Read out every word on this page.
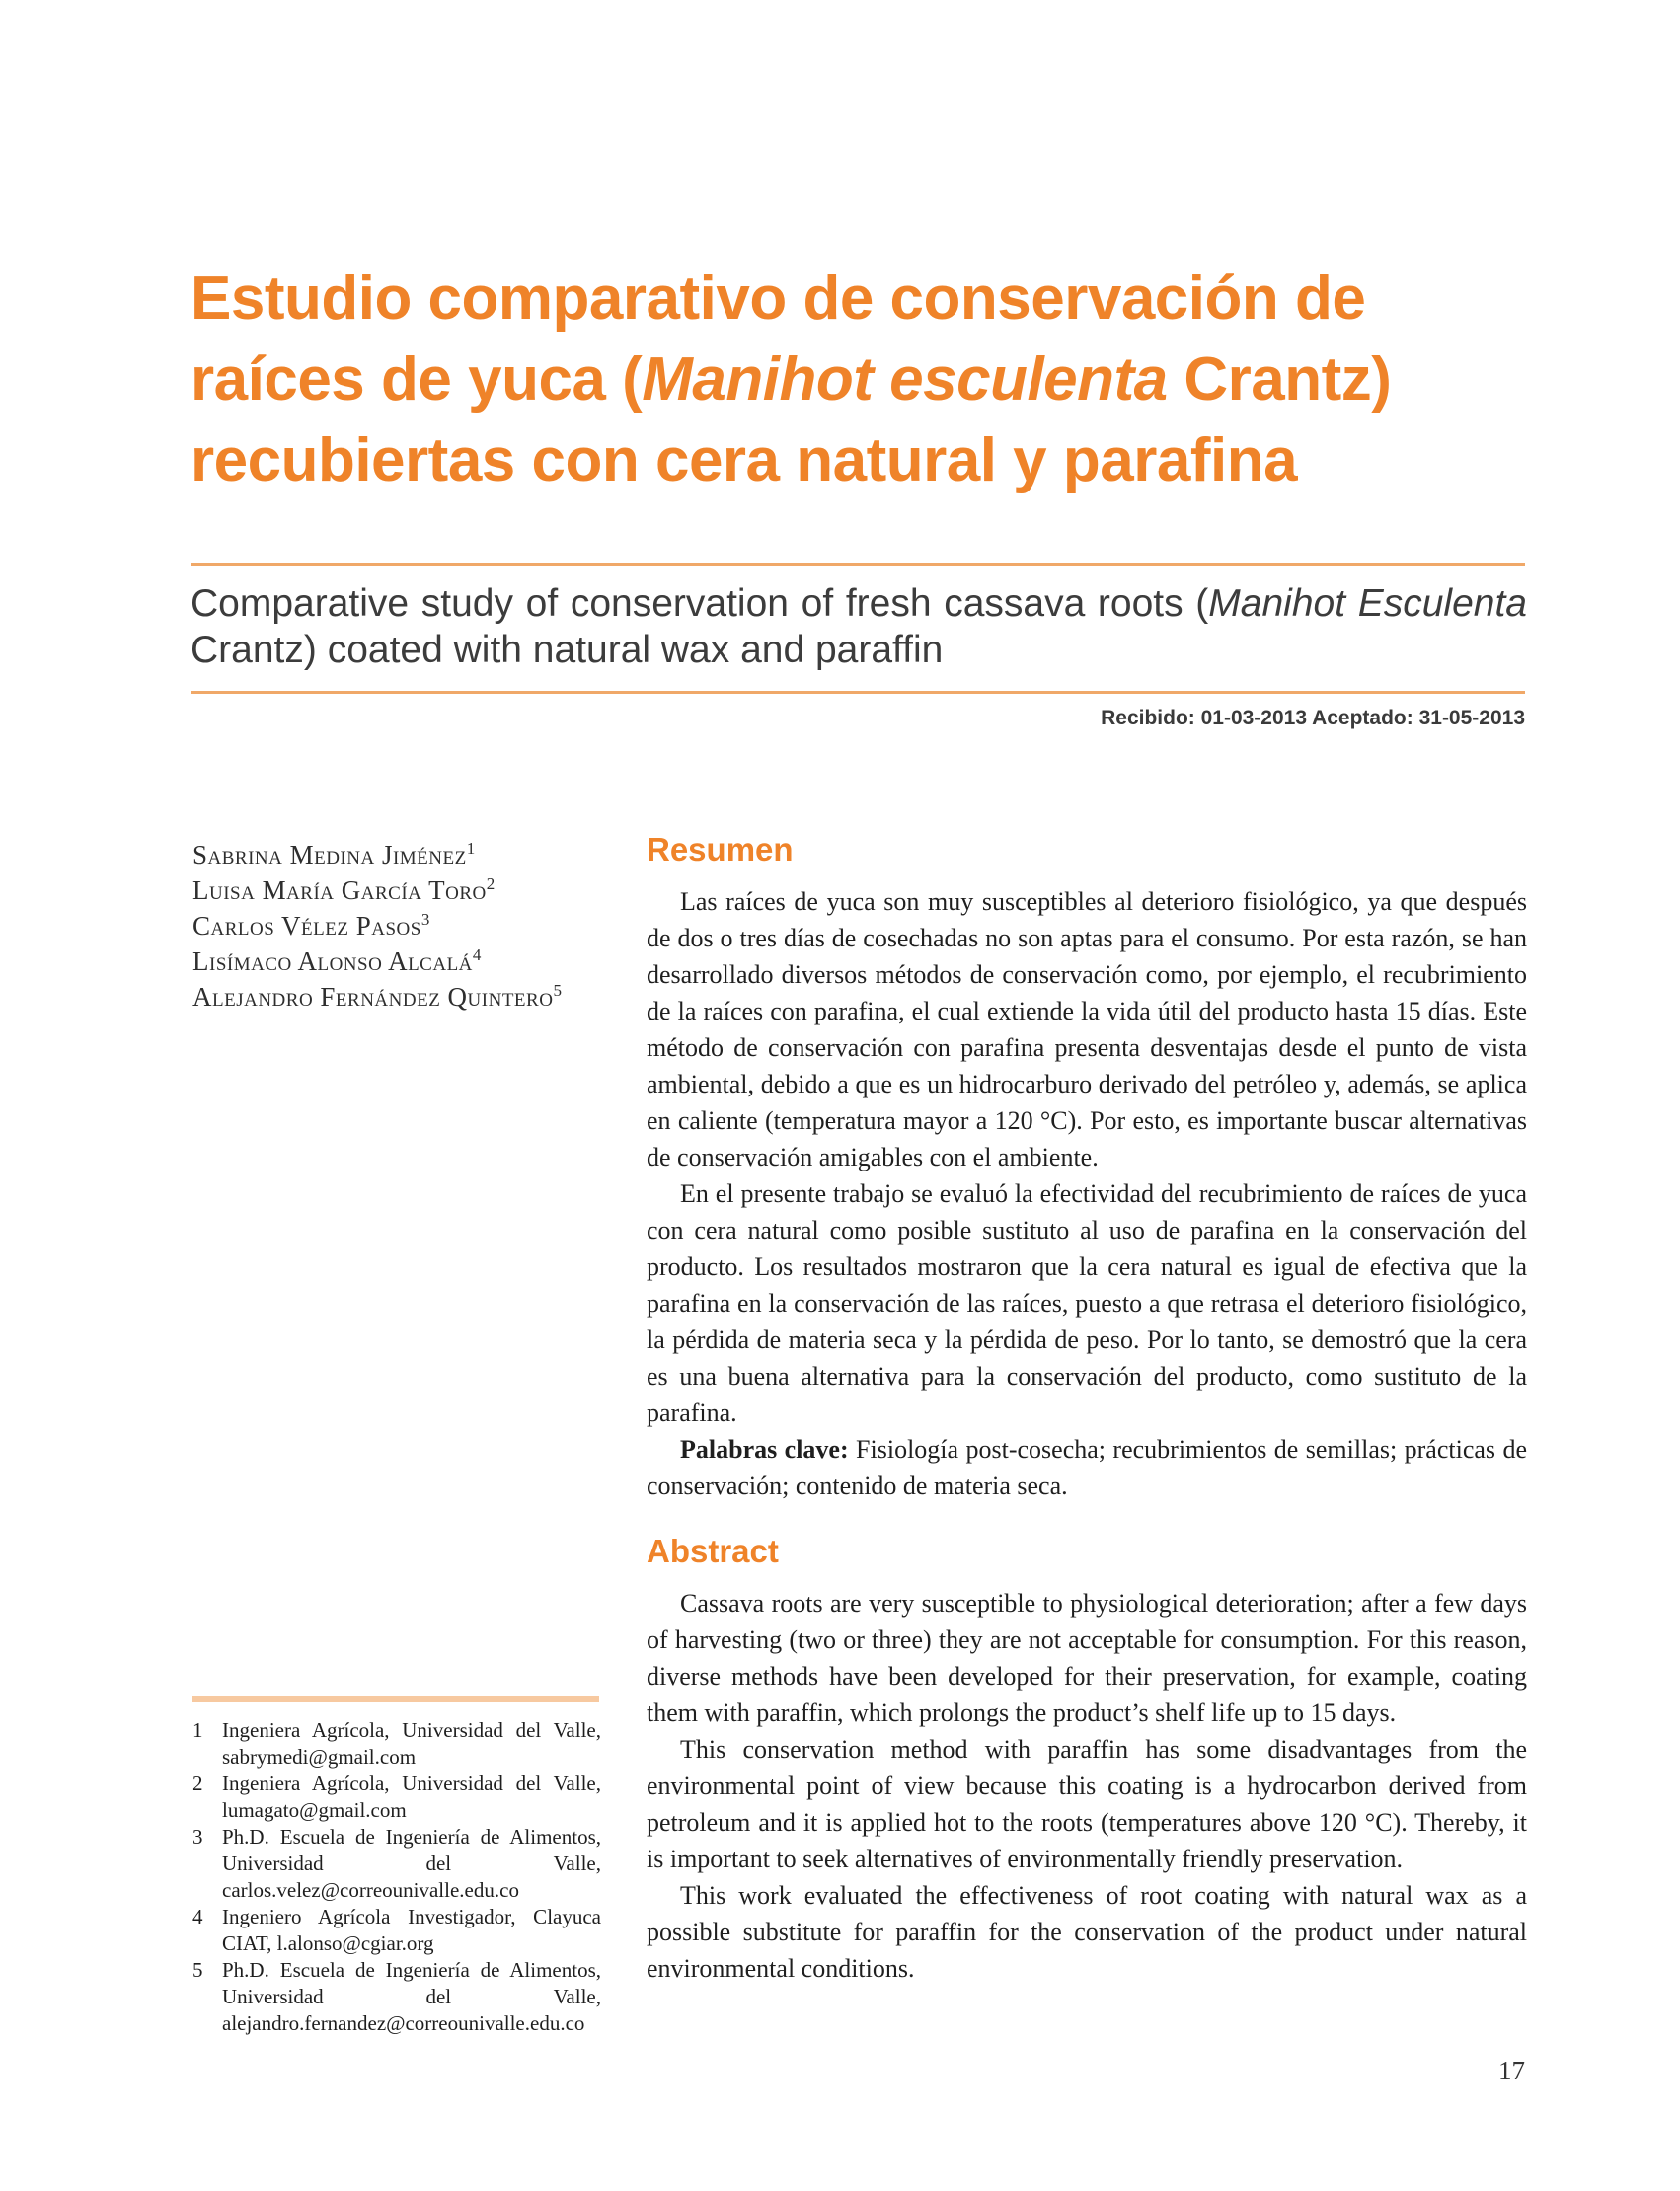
Estudio comparativo de conservación de raíces de yuca (Manihot esculenta Crantz) recubiertas con cera natural y parafina
Comparative study of conservation of fresh cassava roots (Manihot Esculenta Crantz) coated with natural wax and paraffin
Recibido: 01-03-2013 Aceptado: 31-05-2013
Sabrina Medina Jiménez$^1$
Luisa María García Toro$^2$
Carlos Vélez Pasos$^3$
Lisímaco Alonso Alcalá$^4$
Alejandro Fernández Quintero$^5$
Resumen

Las raíces de yuca son muy susceptibles al deterioro fisiológico, ya que después de dos o tres días de cosechadas no son aptas para el consumo. Por esta razón, se han desarrollado diversos métodos de conservación como, por ejemplo, el recubrimiento de la raíces con parafina, el cual extiende la vida útil del producto hasta 15 días. Este método de conservación con parafina presenta desventajas desde el punto de vista ambiental, debido a que es un hidrocarburo derivado del petróleo y, además, se aplica en caliente (temperatura mayor a 120 °C). Por esto, es importante buscar alternativas de conservación amigables con el ambiente.

En el presente trabajo se evaluó la efectividad del recubrimiento de raíces de yuca con cera natural como posible sustituto al uso de parafina en la conservación del producto. Los resultados mostraron que la cera natural es igual de efectiva que la parafina en la conservación de las raíces, puesto a que retrasa el deterioro fisiológico, la pérdida de materia seca y la pérdida de peso. Por lo tanto, se demostró que la cera es una buena alternativa para la conservación del producto, como sustituto de la parafina.

Palabras clave: Fisiología post-cosecha; recubrimientos de semillas; prácticas de conservación; contenido de materia seca.

Abstract

Cassava roots are very susceptible to physiological deterioration; after a few days of harvesting (two or three) they are not acceptable for consumption. For this reason, diverse methods have been developed for their preservation, for example, coating them with paraffin, which prolongs the product’s shelf life up to 15 days.

This conservation method with paraffin has some disadvantages from the environmental point of view because this coating is a hydrocarbon derived from petroleum and it is applied hot to the roots (temperatures above 120 °C). Thereby, it is important to seek alternatives of environmentally friendly preservation.

This work evaluated the effectiveness of root coating with natural wax as a possible substitute for paraffin for the conservation of the product under natural environmental conditions.

1 Ingeniera Agrícola, Universidad del Valle, sabrymedi@gmail.com

2 Ingeniera Agrícola, Universidad del Valle, lumagato@gmail.com

3 Ph.D. Escuela de Ingeniería de Alimentos, Universidad del Valle, carlos.velez@correounivalle.edu.co

4 Ingeniero Agrícola Investigador, Clayuca CIAT, l.alonso@cgiar.org

5 Ph.D. Escuela de Ingeniería de Alimentos, Universidad del Valle, alejandro.fernandez@correounivalle.edu.co

17
